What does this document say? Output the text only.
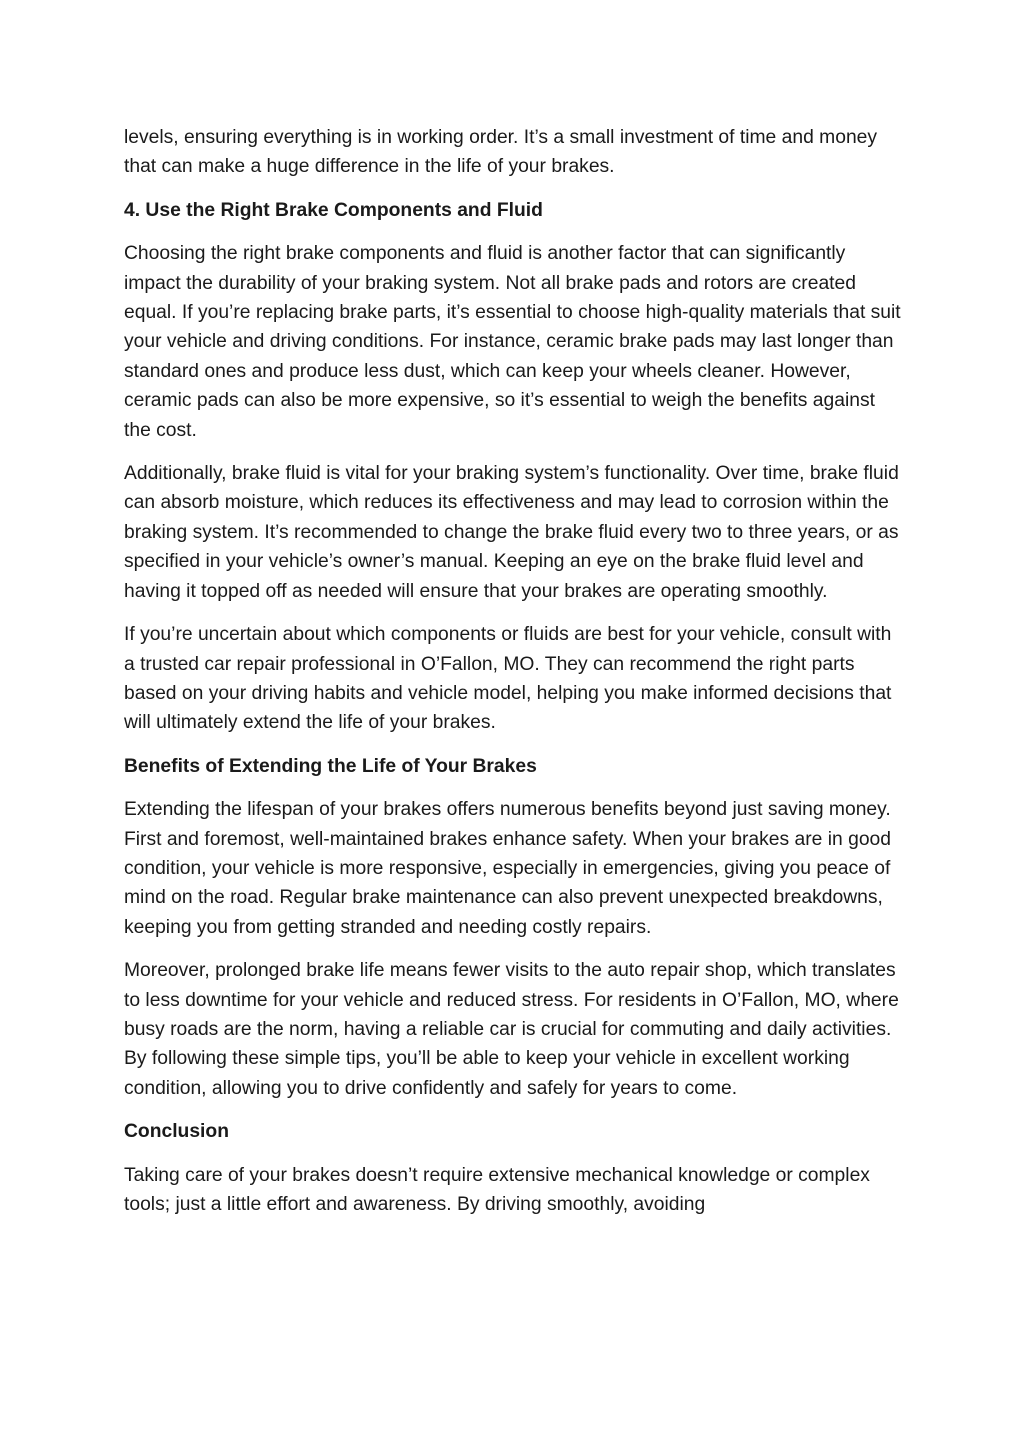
levels, ensuring everything is in working order. It’s a small investment of time and money that can make a huge difference in the life of your brakes.

4. Use the Right Brake Components and Fluid

Choosing the right brake components and fluid is another factor that can significantly impact the durability of your braking system. Not all brake pads and rotors are created equal. If you’re replacing brake parts, it’s essential to choose high-quality materials that suit your vehicle and driving conditions. For instance, ceramic brake pads may last longer than standard ones and produce less dust, which can keep your wheels cleaner. However, ceramic pads can also be more expensive, so it’s essential to weigh the benefits against the cost.

Additionally, brake fluid is vital for your braking system’s functionality. Over time, brake fluid can absorb moisture, which reduces its effectiveness and may lead to corrosion within the braking system. It’s recommended to change the brake fluid every two to three years, or as specified in your vehicle’s owner’s manual. Keeping an eye on the brake fluid level and having it topped off as needed will ensure that your brakes are operating smoothly.

If you’re uncertain about which components or fluids are best for your vehicle, consult with a trusted car repair professional in O’Fallon, MO. They can recommend the right parts based on your driving habits and vehicle model, helping you make informed decisions that will ultimately extend the life of your brakes.

Benefits of Extending the Life of Your Brakes

Extending the lifespan of your brakes offers numerous benefits beyond just saving money. First and foremost, well-maintained brakes enhance safety. When your brakes are in good condition, your vehicle is more responsive, especially in emergencies, giving you peace of mind on the road. Regular brake maintenance can also prevent unexpected breakdowns, keeping you from getting stranded and needing costly repairs.

Moreover, prolonged brake life means fewer visits to the auto repair shop, which translates to less downtime for your vehicle and reduced stress. For residents in O’Fallon, MO, where busy roads are the norm, having a reliable car is crucial for commuting and daily activities. By following these simple tips, you’ll be able to keep your vehicle in excellent working condition, allowing you to drive confidently and safely for years to come.

Conclusion

Taking care of your brakes doesn’t require extensive mechanical knowledge or complex tools; just a little effort and awareness. By driving smoothly, avoiding
